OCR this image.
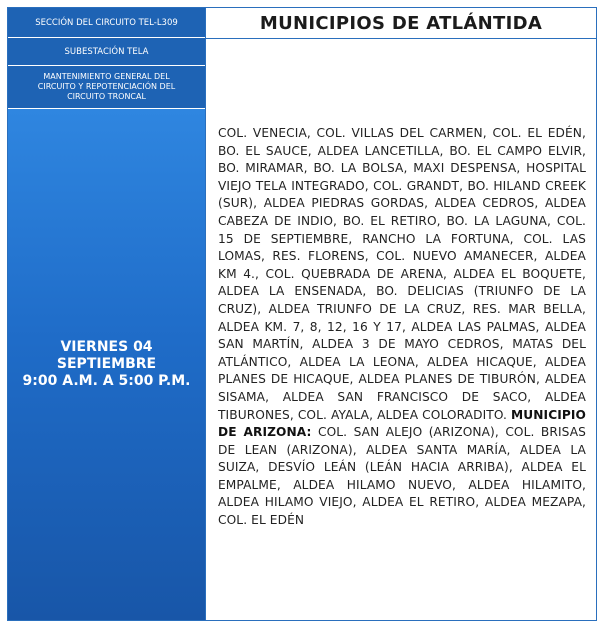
SECCIÓN DEL CIRCUITO TEL-L309
SUBESTACIÓN TELA
MANTENIMIENTO GENERAL DEL CIRCUITO Y REPOTENCIACIÓN DEL CIRCUITO TRONCAL
VIERNES 04 SEPTIEMBRE
9:00 A.M. A 5:00 P.M.
MUNICIPIOS DE ATLÁNTIDA
COL. VENECIA, COL. VILLAS DEL CARMEN, COL. EL EDÉN, BO. EL SAUCE, ALDEA LANCETILLA, BO. EL CAMPO ELVIR, BO. MIRAMAR, BO. LA BOLSA, MAXI DESPENSA, HOSPITAL VIEJO TELA INTEGRADO, COL. GRANDT, BO. HILAND CREEK (SUR), ALDEA PIEDRAS GORDAS, ALDEA CEDROS, ALDEA CABEZA DE INDIO, BO. EL RETIRO, BO. LA LAGUNA, COL. 15 DE SEPTIEMBRE, RANCHO LA FORTUNA, COL. LAS LOMAS, RES. FLORENS, COL. NUEVO AMANECER, ALDEA KM 4., COL. QUEBRADA DE ARENA, ALDEA EL BOQUETE, ALDEA LA ENSENADA, BO. DELICIAS (TRIUNFO DE LA CRUZ), ALDEA TRIUNFO DE LA CRUZ, RES. MAR BELLA, ALDEA KM. 7, 8, 12, 16 Y 17, ALDEA LAS PALMAS, ALDEA SAN MARTÍN, ALDEA 3 DE MAYO CEDROS, MATAS DEL ATLÁNTICO, ALDEA LA LEONA, ALDEA HICAQUE, ALDEA PLANES DE HICAQUE, ALDEA PLANES DE TIBURÓN, ALDEA SISAMA, ALDEA SAN FRANCISCO DE SACO, ALDEA TIBURONES, COL. AYALA, ALDEA COLORADITO. MUNICIPIO DE ARIZONA: COL. SAN ALEJO (ARIZONA), COL. BRISAS DE LEAN (ARIZONA), ALDEA SANTA MARÍA, ALDEA LA SUIZA, DESVÍO LEÁN (LEÁN HACIA ARRIBA), ALDEA EL EMPALME, ALDEA HILAMO NUEVO, ALDEA HILAMITO, ALDEA HILAMO VIEJO, ALDEA EL RETIRO, ALDEA MEZAPA, COL. EL EDÉN
